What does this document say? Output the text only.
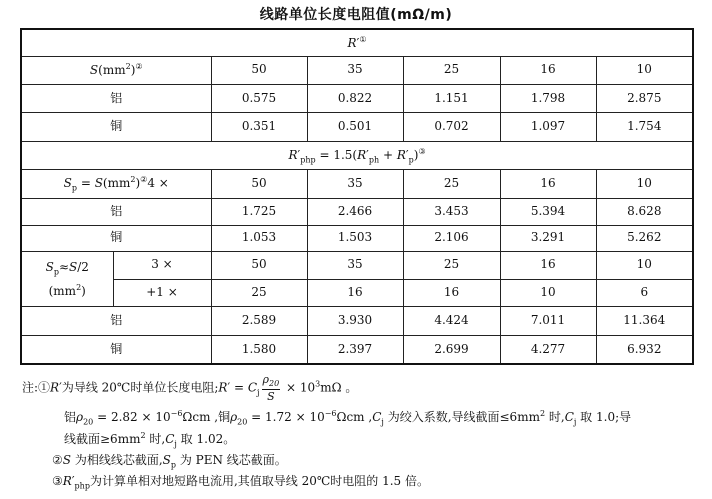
线路单位长度电阻值(mΩ/m)
R′①
$S(mm^2)^②$		50	35	25	16	10
铝		0.575	0.822	1.151	1.798	2.875
铜		0.351	0.501	0.702	1.097	1.754
$R'_{php} = 1.5(R'_{ph} + R'_p)^③$
$S_p = S(mm^2)^②4$ ×		50	35	25	16	10
铝		1.725	2.466	3.453	5.394	8.628
铜		1.053	1.503	2.106	3.291	5.262
$S_p\approx S/2$
$(mm^2)$	3 ×	50	35	25	16	10
	+1 ×	25	16	16	10	6
铝		2.589	3.930	4.424	7.011	11.364
铜		1.580	2.397	2.699	4.277	6.932
注:①R′为导线 20℃时单位长度电阻;R′ = $C_j \frac{\rho_{20}}{S} \times 10^3m\Omega$ 。
铝$\rho_{20} = 2.82 \times 10^{-6}\Omega cm$ ,铜$\rho_{20} = 1.72 \times 10^{-6}\Omega cm$ $,C_j$ 为绞入系数,导线截面$\le 6mm^2$ 时$,C_j$ 取 1.0;导
线截面$\ge 6mm^2$ 时$,C_j$ 取 1.02。
②S 为相线线芯截面$,S_p$ 为 PEN 线芯截面。
$③R'_{php}$为计算单相对地短路电流用,其值取导线 20℃时电阻的 1.5 倍。
